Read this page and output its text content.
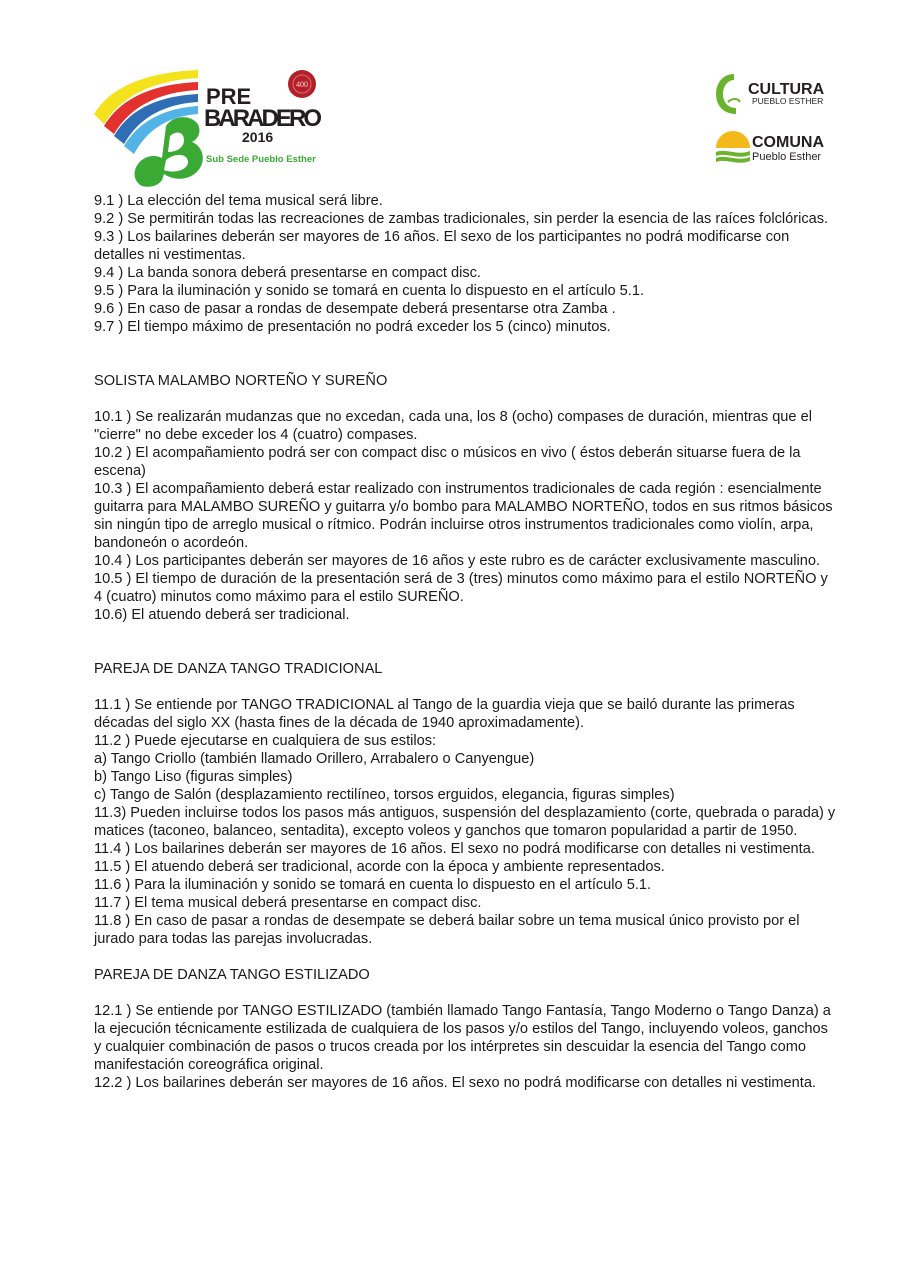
PRE
BARADERO
2016
Sub Sede Pueblo Esther
400	CULTURA
PUEBLO ESTHER
COMUNA
Pueblo Esther

9.1 ) La elección del tema musical será libre.

9.2 ) Se permitirán todas las recreaciones de zambas tradicionales, sin perder la esencia de las raíces folclóricas.

9.3 ) Los bailarines deberán ser mayores de 16 años. El sexo de los participantes no podrá modificarse con detalles ni vestimentas.

9.4 ) La banda sonora deberá presentarse en compact disc.

9.5 ) Para la iluminación y sonido se tomará en cuenta lo dispuesto en el artículo 5.1.

9.6 ) En caso de pasar a rondas de desempate deberá presentarse otra Zamba .

9.7 ) El tiempo máximo de presentación no podrá exceder los 5 (cinco) minutos.

SOLISTA MALAMBO NORTEÑO Y SUREÑO

10.1 ) Se realizarán mudanzas que no excedan, cada una, los 8 (ocho) compases de duración, mientras que el "cierre" no debe exceder los 4 (cuatro) compases.

10.2 ) El acompañamiento podrá ser con compact disc o músicos en vivo ( éstos deberán situarse fuera de la escena)

10.3 ) El acompañamiento deberá estar realizado con instrumentos tradicionales de cada región : esencialmente guitarra para MALAMBO SUREÑO y guitarra y/o bombo para MALAMBO NORTEÑO, todos en sus ritmos básicos sin ningún tipo de arreglo musical o rítmico. Podrán incluirse otros instrumentos tradicionales como violín, arpa, bandoneón o acordeón.

10.4 ) Los participantes deberán ser mayores de 16 años y este rubro es de carácter exclusivamente masculino.

10.5 ) El tiempo de duración de la presentación será de 3 (tres) minutos como máximo para el estilo NORTEÑO y 4 (cuatro) minutos como máximo para el estilo SUREÑO.

10.6) El atuendo deberá ser tradicional.

PAREJA DE DANZA TANGO TRADICIONAL

11.1 ) Se entiende por TANGO TRADICIONAL al Tango de la guardia vieja que se bailó durante las primeras décadas del siglo XX (hasta fines de la década de 1940 aproximadamente).

11.2 ) Puede ejecutarse en cualquiera de sus estilos:

a) Tango Criollo (también llamado Orillero, Arrabalero o Canyengue)

b) Tango Liso (figuras simples)

c) Tango de Salón (desplazamiento rectilíneo, torsos erguidos, elegancia, figuras simples)

11.3) Pueden incluirse todos los pasos más antiguos, suspensión del desplazamiento (corte, quebrada o parada) y matices (taconeo, balanceo, sentadita), excepto voleos y ganchos que tomaron popularidad a partir de 1950.

11.4 ) Los bailarines deberán ser mayores de 16 años. El sexo no podrá modificarse con detalles ni vestimenta.

11.5 ) El atuendo deberá ser tradicional, acorde con la época y ambiente representados.

11.6 ) Para la iluminación y sonido se tomará en cuenta lo dispuesto en el artículo 5.1.

11.7 ) El tema musical deberá presentarse en compact disc.

11.8 ) En caso de pasar a rondas de desempate se deberá bailar sobre un tema musical único provisto por el jurado para todas las parejas involucradas.

PAREJA DE DANZA TANGO ESTILIZADO

12.1 ) Se entiende por TANGO ESTILIZADO (también llamado Tango Fantasía, Tango Moderno o Tango Danza) a la ejecución técnicamente estilizada de cualquiera de los pasos y/o estilos del Tango, incluyendo voleos, ganchos y cualquier combinación de pasos o trucos creada por los intérpretes sin descuidar la esencia del Tango como manifestación coreográfica original.

12.2 ) Los bailarines deberán ser mayores de 16 años. El sexo no podrá modificarse con detalles ni vestimenta.
